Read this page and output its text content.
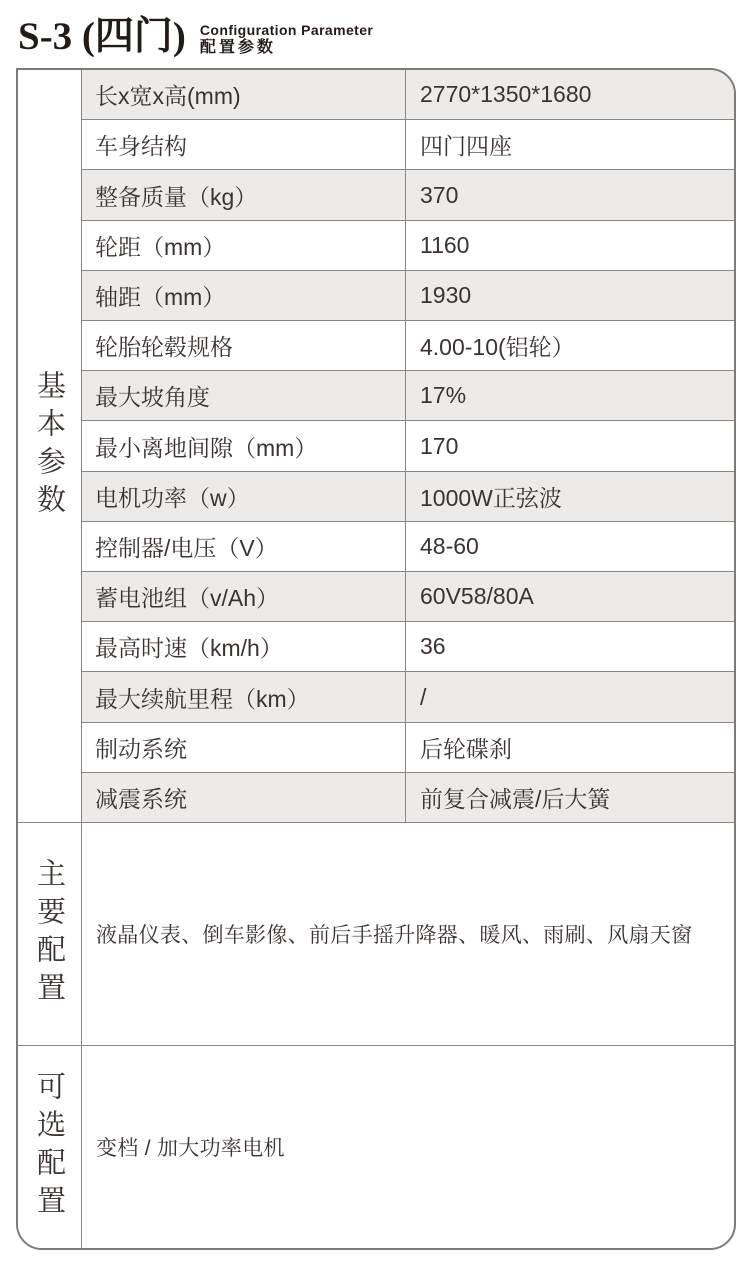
S-3 (四门) Configuration Parameter
配置参数
基本参数
长x宽x高(mm)	2770*1350*1680
车身结构	四门四座
整备质量（kg）	370
轮距（mm）	1160
轴距（mm）	1930
轮胎轮毂规格	4.00-10(铝轮）
最大坡角度	17%
最小离地间隙（mm）	170
电机功率（w）	1000W正弦波
控制器/电压（V）	48-60
蓄电池组（v/Ah）	60V58/80A
最高时速（km/h）	36
最大续航里程（km）	/
制动系统	后轮碟刹
减震系统	前复合减震/后大簧
主要配置	液晶仪表、倒车影像、前后手摇升降器、暖风、雨刷、风扇天窗
可选配置	变档 / 加大功率电机
